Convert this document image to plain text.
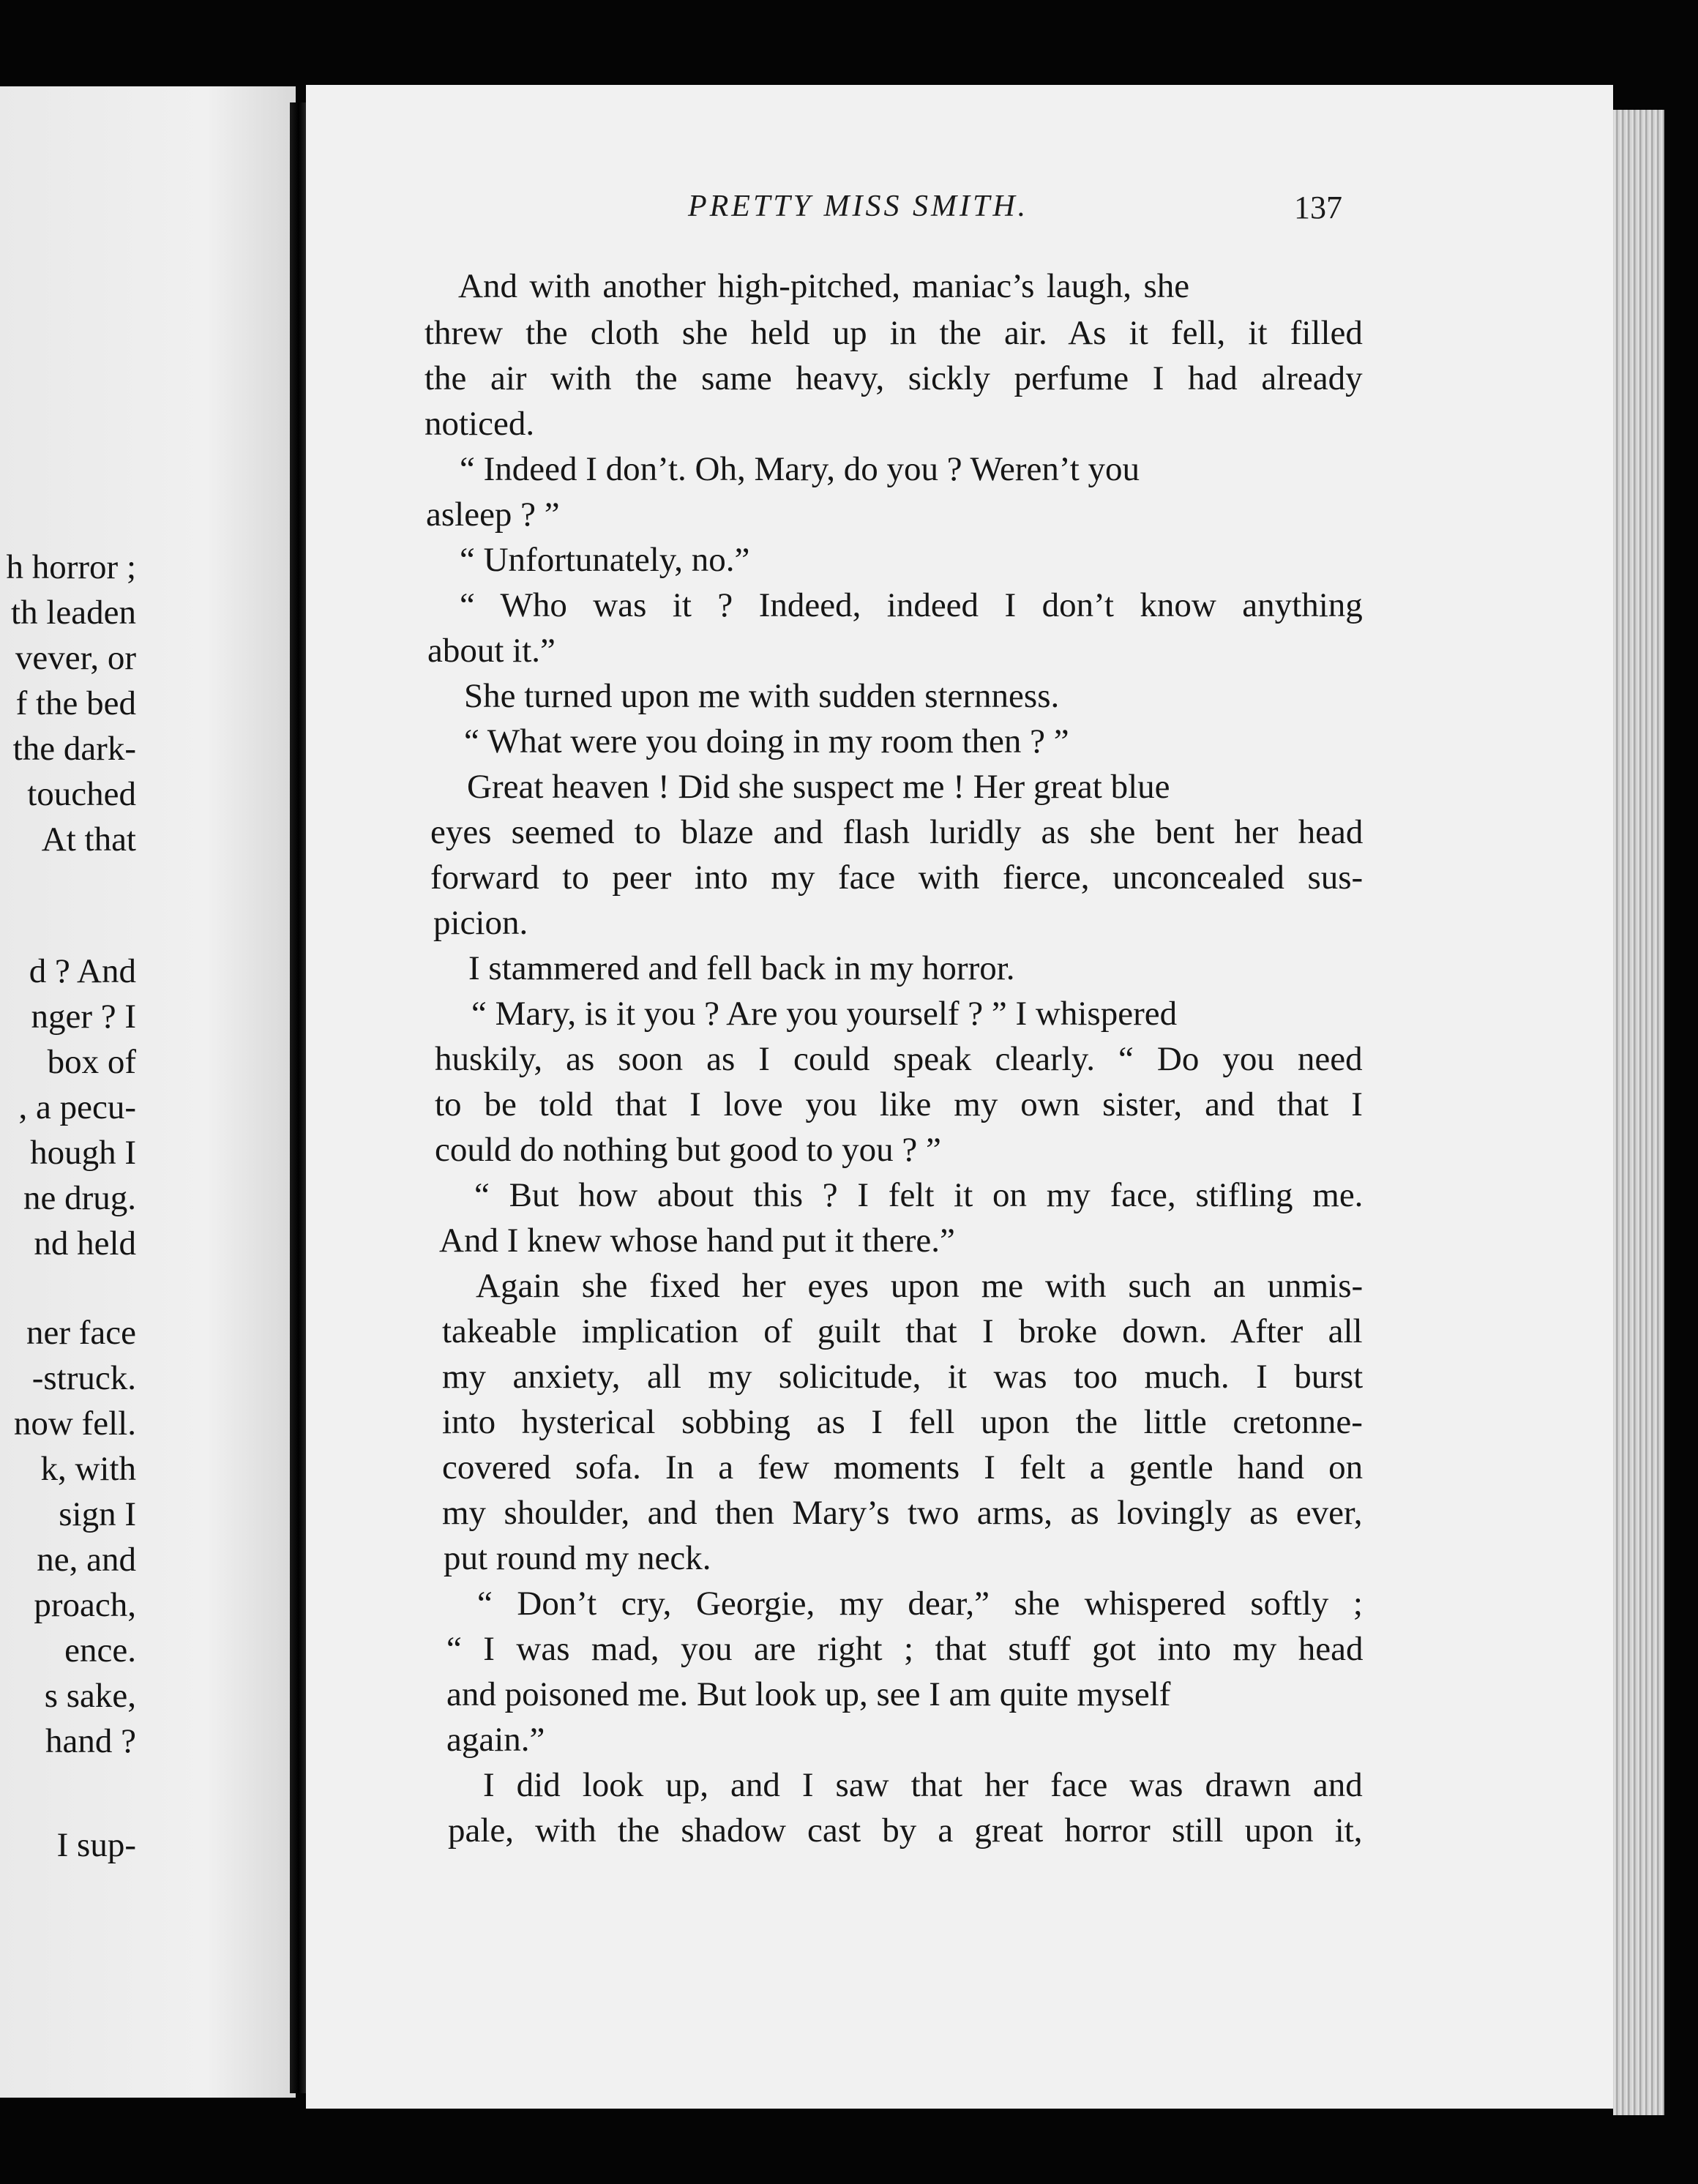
h horror ;
th leaden
vever, or
f the bed
the dark-
touched
At that
d ? And
nger ? I
box of
, a pecu-
hough I
ne drug.
nd held
ner face
-struck.
now fell.
k, with
sign I
ne, and
proach,
ence.
s sake,
hand ?
I sup-
PRETTY MISS SMITH.	137
And with another high-pitched, maniac’s laugh, she
threw the cloth she held up in the air. As it fell, it filled
the air with the same heavy, sickly perfume I had already
noticed.
“ Indeed I don’t. Oh, Mary, do you ? Weren’t you
asleep ? ”
“ Unfortunately, no.”
“ Who was it ? Indeed, indeed I don’t know anything
about it.”
She turned upon me with sudden sternness.
“ What were you doing in my room then ? ”
Great heaven ! Did she suspect me ! Her great blue
eyes seemed to blaze and flash luridly as she bent her head
forward to peer into my face with fierce, unconcealed sus-
picion.
I stammered and fell back in my horror.
“ Mary, is it you ? Are you yourself ? ” I whispered
huskily, as soon as I could speak clearly. “ Do you need
to be told that I love you like my own sister, and that I
could do nothing but good to you ? ”
“ But how about this ? I felt it on my face, stifling me.
And I knew whose hand put it there.”
Again she fixed her eyes upon me with such an unmis-
takeable implication of guilt that I broke down. After all
my anxiety, all my solicitude, it was too much. I burst
into hysterical sobbing as I fell upon the little cretonne-
covered sofa. In a few moments I felt a gentle hand on
my shoulder, and then Mary’s two arms, as lovingly as ever,
put round my neck.
“ Don’t cry, Georgie, my dear,” she whispered softly ;
“ I was mad, you are right ; that stuff got into my head
and poisoned me. But look up, see I am quite myself
again.”
I did look up, and I saw that her face was drawn and
pale, with the shadow cast by a great horror still upon it,
